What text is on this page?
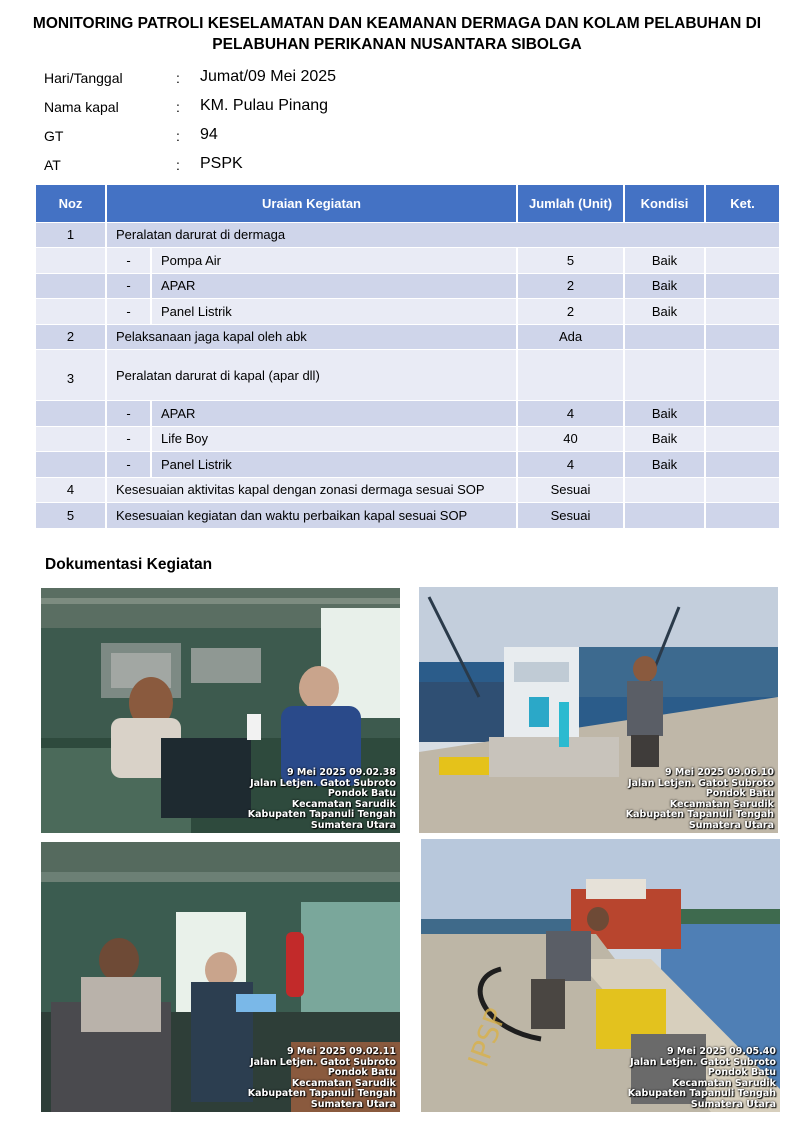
MONITORING PATROLI KESELAMATAN DAN KEAMANAN DERMAGA DAN KOLAM PELABUHAN DI PELABUHAN PERIKANAN NUSANTARA SIBOLGA
Hari/Tanggal	: Jumat/09 Mei 2025
Nama kapal	: KM. Pulau Pinang
GT	: 94
AT	: PSPK
Noz	Uraian Kegiatan		Jumlah (Unit)	Kondisi	Ket.
1	Peralatan darurat di dermaga				
	-	Pompa Air	5	Baik	
	-	APAR	2	Baik	
	-	Panel Listrik	2	Baik	
2	Pelaksanaan jaga kapal oleh abk		Ada		
3	Peralatan darurat di kapal (apar dll)				
	-	APAR	4	Baik	
	-	Life Boy	40	Baik	
	-	Panel Listrik	4	Baik	
4	Kesesuaian aktivitas kapal dengan zonasi dermaga sesuai SOP		Sesuai		
5	Kesesuaian kegiatan dan waktu perbaikan kapal sesuai SOP		Sesuai		
Dokumentasi Kegiatan
9 Mei 2025 09.02.38
Jalan Letjen. Gatot Subroto
Pondok Batu
Kecamatan Sarudik
Kabupaten Tapanuli Tengah
Sumatera Utara
9 Mei 2025 09.06.10
Jalan Letjen. Gatot Subroto
Pondok Batu
Kecamatan Sarudik
Kabupaten Tapanuli Tengah
Sumatera Utara
9 Mei 2025 09.02.11
Jalan Letjen. Gatot Subroto
Pondok Batu
Kecamatan Sarudik
Kabupaten Tapanuli Tengah
Sumatera Utara
IPSP	9 Mei 2025 09.05.40
Jalan Letjen. Gatot Subroto
Pondok Batu
Kecamatan Sarudik
Kabupaten Tapanuli Tengah
Sumatera Utara
